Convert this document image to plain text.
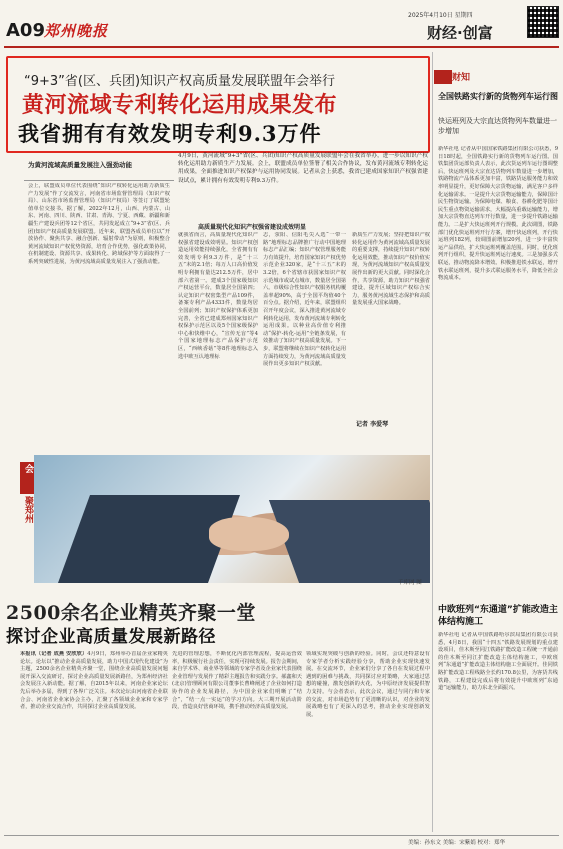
A09 郑州晚报
2025年4月10日 星期四
财经·创富
“9+3”省(区、兵团)知识产权高质量发展联盟年会举行
黄河流域专利转化运用成果发布
我省拥有有效发明专利9.3万件
为黄河流域高质量发展注入强劲动能
会上，联盟成员单位代表围绕“知识产权转化运用助力新质生产力发展”作了交流发言，河南省市场监督管理局（知识产权局）、山东省市场监督管理局（知识产权局）等签订了联盟轮值单位交接书。据了解，2022年12月，山西、内蒙古、山东、河南、四川、陕西、甘肃、青海、宁夏、西藏、新疆和新疆生产建设兵团等12个省区，共同发起成立“9+3”省(区、兵团)知识产权高质量发展联盟。近年来，联盟各成员单位以“开放协作、聚焦共享、融合创新、辐射带动”为原则，积极整合黄河流域知识产权优势资源，培育合作优势，强化政策协同，在机制建设、资源共享、成果转化、跨域保护等方面取得了一系列突破性进展，为黄河流域高质量发展注入了强劲动能。
4月9日，黄河流域“9+3”省(区、兵团)知识产权高质量发展联盟年会在我省举办，进一步以知识产权转化运用助力新质生产力发展。会上，联盟成员单位签署了相关合作协议，发布黄河流域专利转化运用成果，全面推进知识产权保护与运用协同发展。记者从会上获悉，我省已建成国家知识产权强省建设试点，累计拥有有效发明专利9.3万件。
高质量现代化知识产权强省建设成效明显
就我省而言，高质量现代化知识产权强省建设成效明显。知识产权创造运用效能持续强化，全省拥有有效发明专利9.3万件，是“十三五”末的2.1倍；每万人口高价值发明专利拥有量达212.5万件，居中部六省第一。建成3个国家级知识产权运营平台，数量居全国第四；认定知识产权密集型产品109件，备案专利产品4333件，数量均居全国前列；知识产权保护体系更加完善，全省已建成郑州国家知识产权保护示范区以及5个国家级保护中心和快维中心，“宣传无盲”等4个国家地理标志产品保护示范区，“西峡香菇”等8件地理标志入选中欧互认地理标
志，荥阳、信阳毛尖入选“一带一路”地理标志品牌推广行动中国地理标志产品汇编；知识产权管理服务能力有效提升，培育国家知识产权优势示范企业320家，是“十三五”末的3.2倍，6个省辖市获国家知识产权示范城市或试点城市，数量居全国第六。市级综合性知识产权服务机构覆盖率超90%，高于全国平均值40个百分点。据介绍，近年来，联盟组织召开年度会议，深入推进黄河流域专利转化运用，发布黄河流域专利转化运用成果。以种业高价值专利推动“保护-转化-运用”全链条发展，有效推动了知识产权高质量发展。下一步，联盟将继续在知识产权转化运用方面持续发力，为黄河流域高质量发展作出更多知识产权贡献。
新质生产力发展；坚持把知识产权转化运用作为黄河流域高质量发展的重要支撑，持续提升知识产权转化运用效能，推动知识产权价值实现，为黄河流域知识产权高质量发展作出新的更大贡献。同时深化合作，共享资源，助力知识产权强省建设，提升区域知识产权综合实力，服务黄河流域生态保护和高质量发展重大国家战略。
记者 李爱琴
会
聚郑州
千库网 图
2500余名企业精英齐聚一堂
探讨企业高质量发展新路径
本报讯（记者 成燕 安欣欣）4月9日，郑州举办首届企业家精英论坛。论坛以“推动企业高质量发展，助力中国式现代化建设”为主题，2500余名企业精英齐聚一堂，围绕企业高质量发展问题展开深入交流研讨，探讨企业高质量发展新路径，为郑州经济社会发展注入新动能。据了解，自2015年以来，河南企业家论坛先后举办多届，得到了各界广泛关注。本次论坛由河南省企业联合会、河南省企业家协会主办，汇聚了各领域企业家和专家学者，推动企业交流合作，共同探讨企业高质量发展。
先进的管理思想，不断优化内部管理流程，提高运营效率，积极履行社会责任，实现可持续发展。报告会期间，来自学术界、商业界等领域的专家学者及企业家代表围绕企业管理与发展作了精彩主题报告和实践分享。郝鑫和天(北京)管理顾问有限公司董事长曹峰阐述了企业如何打造协作的企业发展路径，为中国企业家们明晰了“结合”，“结一点一实运”的学习方向。大三期开展活动阶段，营造良好营商环境，携手推动经济高质量发展。
领域实现突破与创新的经验。同时，会议还特意设有专家学者分析实践经验分享，帮助企业实现快速发展。在交流环节，企业家们分享了各自在发展过程中遇到的困难与挑战，共同探讨应对策略，大家通过思想的碰撞，激发创新的火花，为中原经济发展提供智力支持。与会者表示，此次会议，通过与同行和专家的交流，对市场趋势有了更清晰的认识，对企业的发展战略也有了更深入的思考，推动企业实现创新发展。
财知
全国铁路实行新的货物列车运行图
快运班列及大宗直达货物列车数量进一步增加
新华社电 记者从中国国家铁路集团有限公司获悉，9日18时起，全国铁路实行新的货物列车运行图。国铁集团货运部负责人表示，此次货运列车运行图调整后，快运班列及大宗直达货物列车数量进一步增加，铁路物流产品体系更加丰富，铁路货运服务能力和效率明显提升，更好保障大宗货物运输，满足客户多样化运输需求。一是提升大宗货物运输能力，保障国计民生物资运输。为保障电煤、粮食、春耕化肥等国计民生重点物资运输需求，大幅提高重载运输能力，增加大宗货物直达列车开行数量，进一步提升铁路运输能力。二是扩大快运班列开行规模。此次调图，铁路部门优化快运班列开行方案，增开快运班列，开行快运班列182列，较调图前增加20列，进一步丰富快运产品供给，扩大快运班列覆盖范围。同时，优化班列开行组织，提升快运班列运行速度。三是加强多式联运，推动物流降本增效。积极推进铁水联运，增开铁水联运班列，提升多式联运服务水平，降低全社会物流成本。
中欧班列“东通道”扩能改造主体结构施工
新华社电 记者从中国铁路哈尔滨局集团有限公司获悉，4月8日，我国“十四五”铁路发展规划的重点建设项目，佳木斯至同江铁路扩能改造工程统一开通前的佳木斯至同江扩能改造主体结构施工，中欧班列“东通道”扩能改造主体结构施工全面展开。佳同铁路扩能改造工程线路全长约170.8公里，为客货共线铁路，工程建设完成后将有效提升中欧班列“东通道”运输能力，助力东北全面振兴。
美编：孙东文 美编：宋紫娟 校对：郑华
